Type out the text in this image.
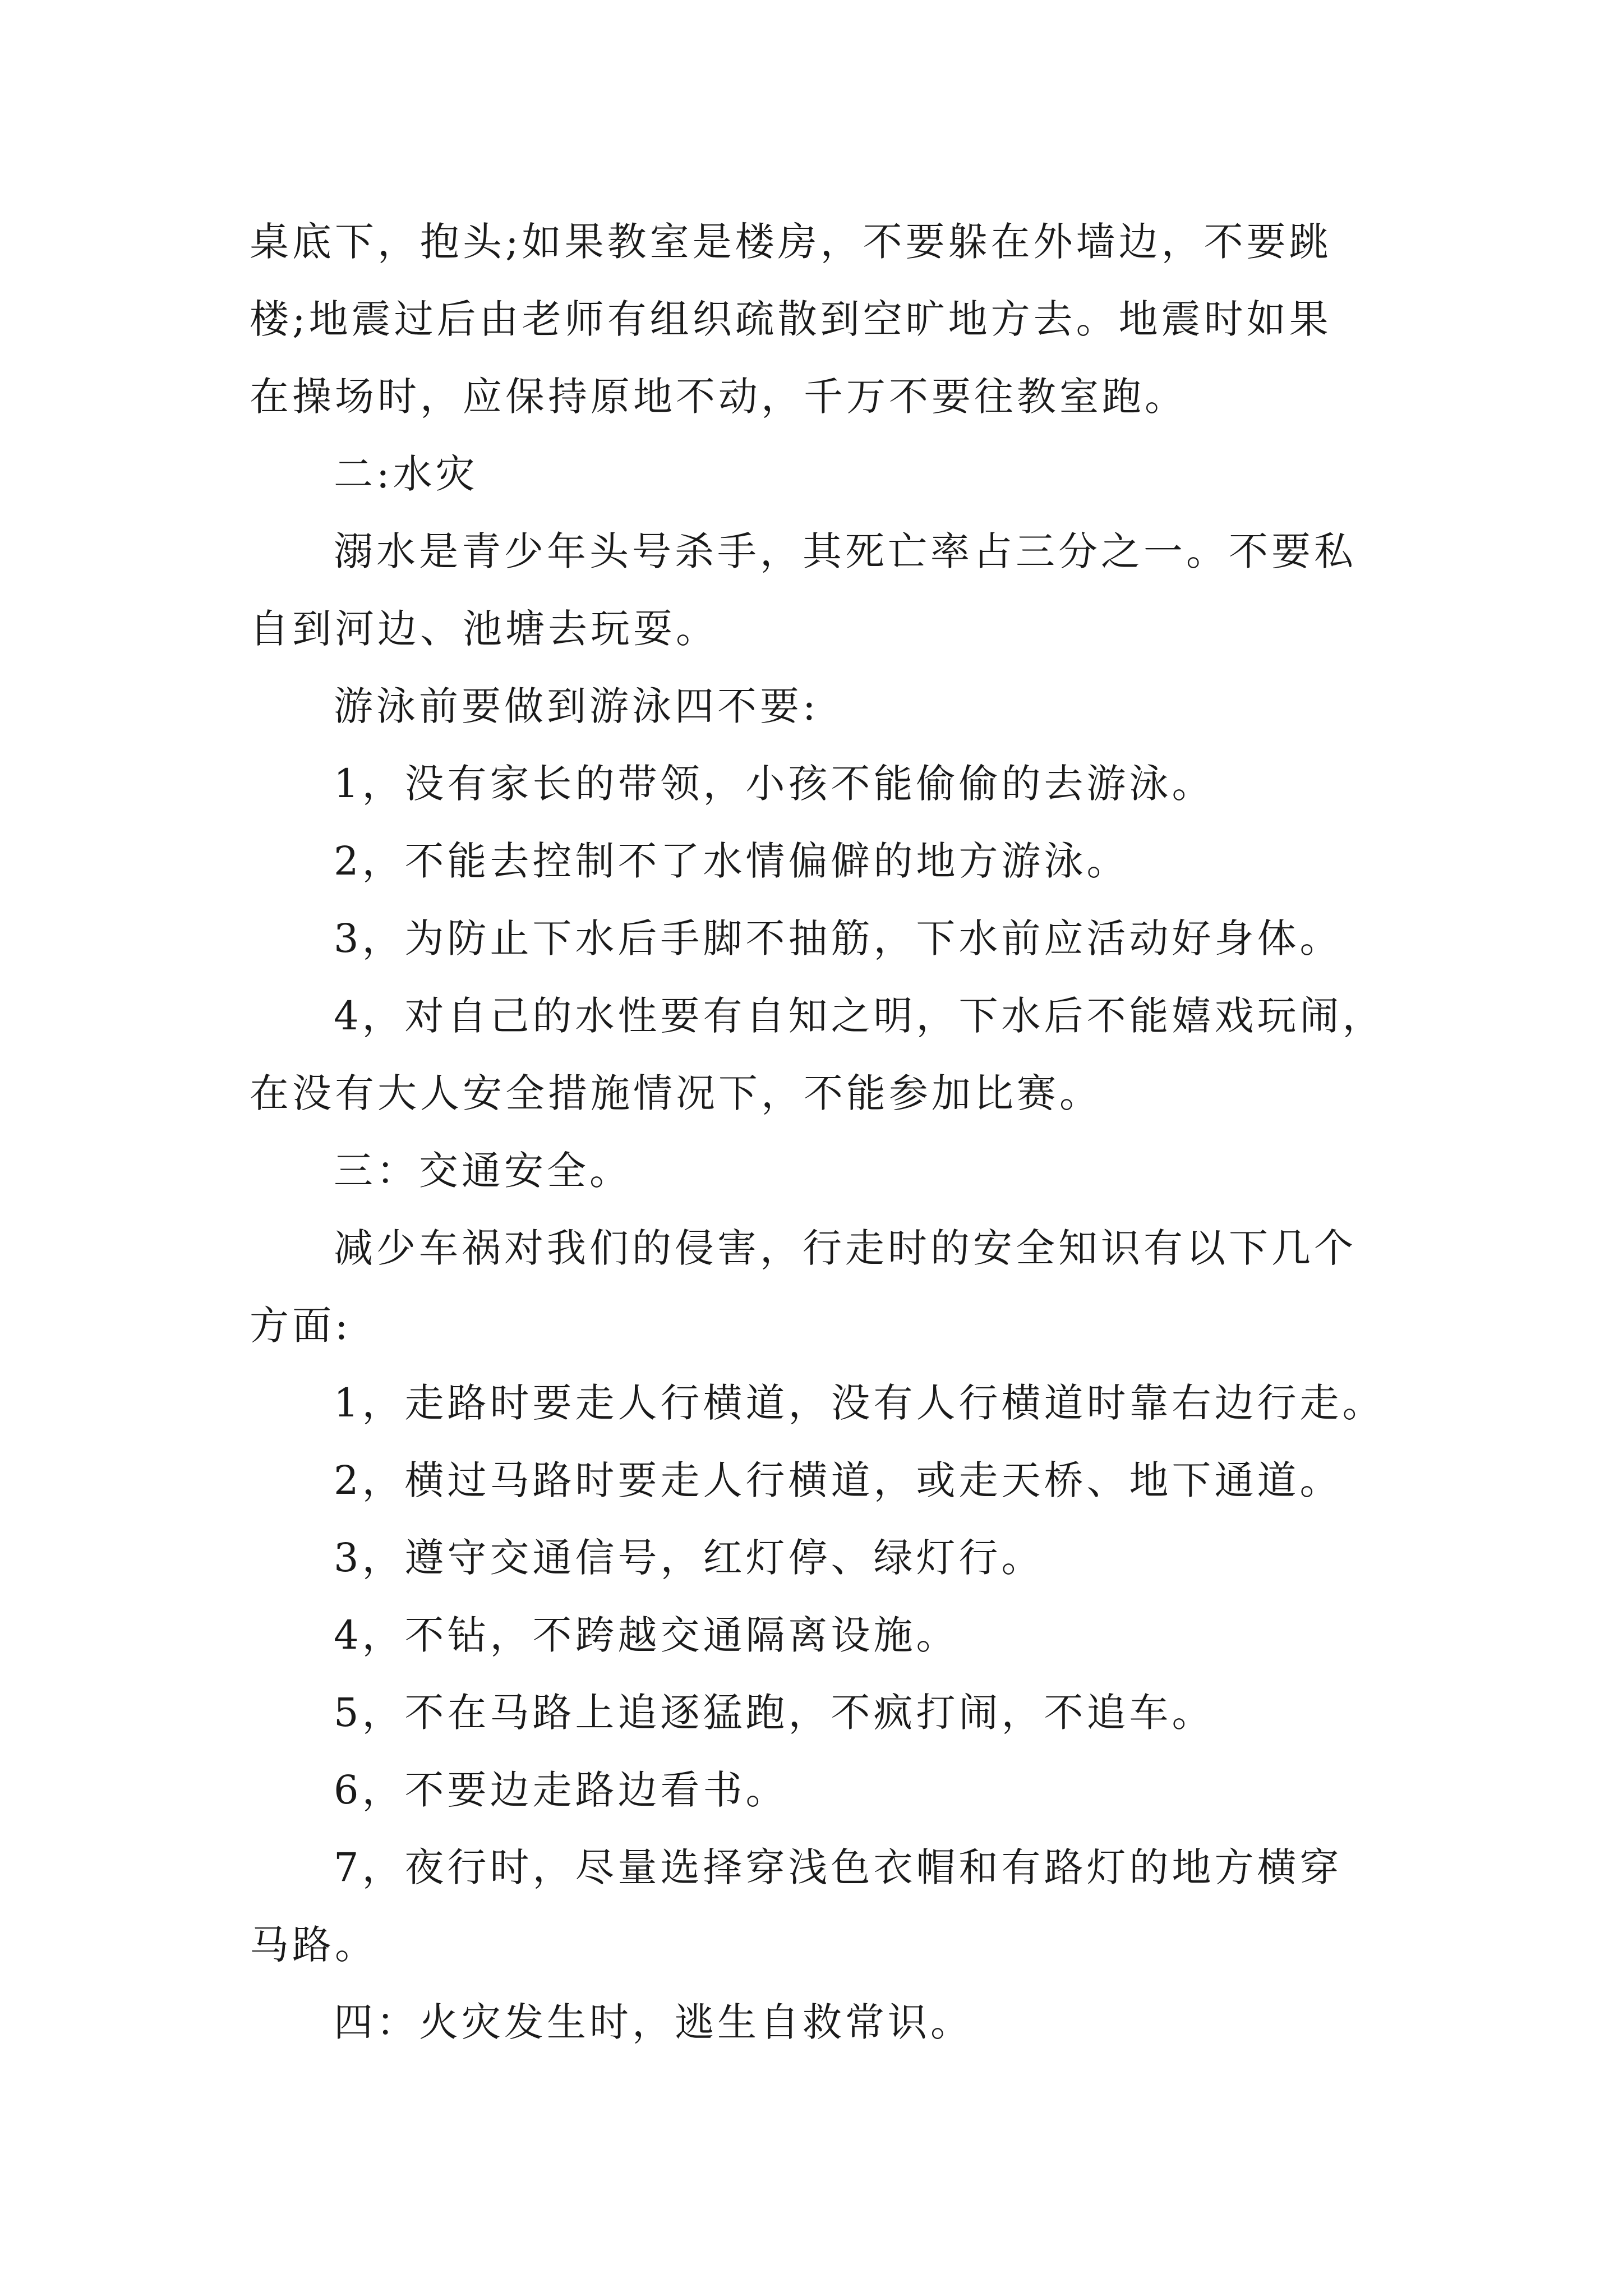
桌底下，抱头;如果教室是楼房，不要躲在外墙边，不要跳
楼;地震过后由老师有组织疏散到空旷地方去。地震时如果
在操场时，应保持原地不动，千万不要往教室跑。
二:水灾
溺水是青少年头号杀手，其死亡率占三分之一。不要私
自到河边、池塘去玩耍。
游泳前要做到游泳四不要:
1，没有家长的带领，小孩不能偷偷的去游泳。
2，不能去控制不了水情偏僻的地方游泳。
3，为防止下水后手脚不抽筋，下水前应活动好身体。
4，对自己的水性要有自知之明，下水后不能嬉戏玩闹，
在没有大人安全措施情况下，不能参加比赛。
三：交通安全。
减少车祸对我们的侵害，行走时的安全知识有以下几个
方面:
1，走路时要走人行横道，没有人行横道时靠右边行走。
2，横过马路时要走人行横道，或走天桥、地下通道。
3，遵守交通信号，红灯停、绿灯行。
4，不钻，不跨越交通隔离设施。
5，不在马路上追逐猛跑，不疯打闹，不追车。
6，不要边走路边看书。
7，夜行时，尽量选择穿浅色衣帽和有路灯的地方横穿
马路。
四：火灾发生时，逃生自救常识。
